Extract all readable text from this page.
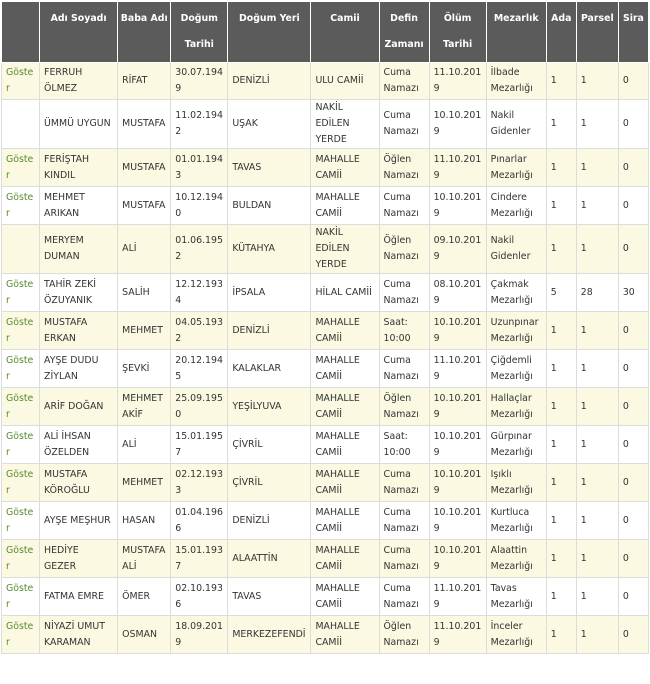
	Adı Soyadı	Baba Adı	Doğum Tarihi	Doğum Yeri	Camii	Defin Zamanı	Ölüm Tarihi	Mezarlık	Ada	Parsel	Sira

Göster	FERRUH ÖLMEZ	RİFAT	30.07.1949	DENİZLİ	ULU CAMİİ	Cuma Namazı	11.10.2019	İlbade Mezarlığı	1	1	0
	ÜMMÜ UYGUN	MUSTAFA	11.02.1942	UŞAK	NAKİL EDİLEN YERDE	Cuma Namazı	10.10.2019	Nakil Gidenler	1	1	0
Göster	FERİŞTAH KINDIL	MUSTAFA	01.01.1943	TAVAS	MAHALLE CAMİİ	Öğlen Namazı	11.10.2019	Pınarlar Mezarlığı	1	1	0
Göster	MEHMET ARIKAN	MUSTAFA	10.12.1940	BULDAN	MAHALLE CAMİİ	Cuma Namazı	10.10.2019	Cindere Mezarlığı	1	1	0
	MERYEM DUMAN	ALİ	01.06.1952	KÜTAHYA	NAKİL EDİLEN YERDE	Öğlen Namazı	09.10.2019	Nakil Gidenler	1	1	0
Göster	TAHİR ZEKİ ÖZUYANIK	SALİH	12.12.1934	İPSALA	HİLAL CAMİİ	Cuma Namazı	08.10.2019	Çakmak Mezarlığı	5	28	30
Göster	MUSTAFA ERKAN	MEHMET	04.05.1932	DENİZLİ	MAHALLE CAMİİ	Saat: 10:00	10.10.2019	Uzunpınar Mezarlığı	1	1	0
Göster	AYŞE DUDU ZİYLAN	ŞEVKİ	20.12.1945	KALAKLAR	MAHALLE CAMİİ	Cuma Namazı	11.10.2019	Çiğdemli Mezarlığı	1	1	0
Göster	ARİF DOĞAN	MEHMET AKİF	25.09.1950	YEŞİLYUVA	MAHALLE CAMİİ	Öğlen Namazı	10.10.2019	Hallaçlar Mezarlığı	1	1	0
Göster	ALİ İHSAN ÖZELDEN	ALİ	15.01.1957	ÇİVRİL	MAHALLE CAMİİ	Saat: 10:00	10.10.2019	Gürpınar Mezarlığı	1	1	0
Göster	MUSTAFA KÖROĞLU	MEHMET	02.12.1933	ÇİVRİL	MAHALLE CAMİİ	Cuma Namazı	10.10.2019	Işıklı Mezarlığı	1	1	0
Göster	AYŞE MEŞHUR	HASAN	01.04.1966	DENİZLİ	MAHALLE CAMİİ	Cuma Namazı	10.10.2019	Kurtluca Mezarlığı	1	1	0
Göster	HEDİYE GEZER	MUSTAFA ALİ	15.01.1937	ALAATTİN	MAHALLE CAMİİ	Cuma Namazı	10.10.2019	Alaattin Mezarlığı	1	1	0
Göster	FATMA EMRE	ÖMER	02.10.1936	TAVAS	MAHALLE CAMİİ	Cuma Namazı	11.10.2019	Tavas Mezarlığı	1	1	0
Göster	NİYAZİ UMUT KARAMAN	OSMAN	18.09.2019	MERKEZEFENDİ	MAHALLE CAMİİ	Öğlen Namazı	11.10.2019	İnceler Mezarlığı	1	1	0
